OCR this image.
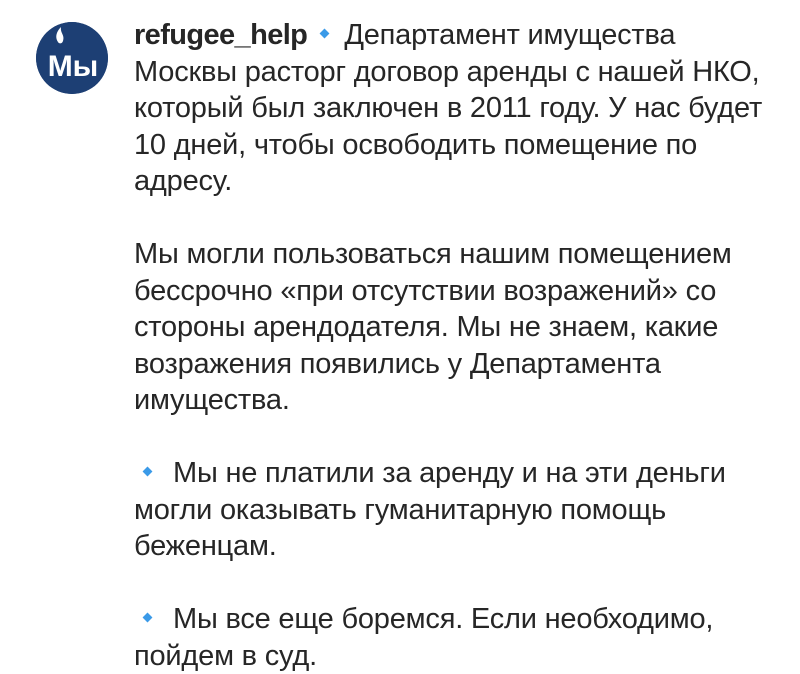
Мы

refugee_help Департамент имущества Москвы расторг договор аренды с нашей НКО, который был заключен в 2011 году. У нас будет 10 дней, чтобы освободить помещение по адресу.

Мы могли пользоваться нашим помещением бессрочно «при отсутствии возражений» со стороны арендодателя. Мы не знаем, какие возражения появились у Департамента имущества.

Мы не платили за аренду и на эти деньги могли оказывать гуманитарную помощь беженцам.

Мы все еще боремся. Если необходимо, пойдем в суд.
